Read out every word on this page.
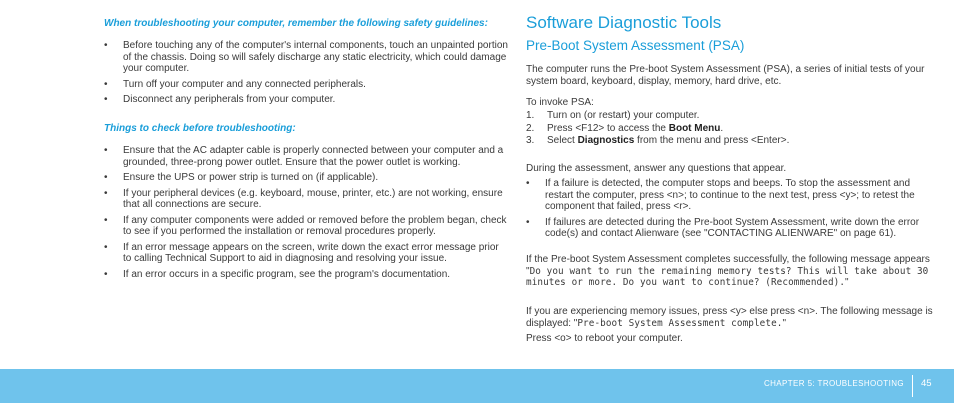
When troubleshooting your computer, remember the following safety guidelines:

• Before touching any of the computer's internal components, touch an unpainted portion of the chassis. Doing so will safely discharge any static electricity, which could damage your computer.
• Turn off your computer and any connected peripherals.
• Disconnect any peripherals from your computer.

Things to check before troubleshooting:

• Ensure that the AC adapter cable is properly connected between your computer and a grounded, three-prong power outlet. Ensure that the power outlet is working.
• Ensure the UPS or power strip is turned on (if applicable).
• If your peripheral devices (e.g. keyboard, mouse, printer, etc.) are not working, ensure that all connections are secure.
• If any computer components were added or removed before the problem began, check to see if you performed the installation or removal procedures properly.
• If an error message appears on the screen, write down the exact error message prior to calling Technical Support to aid in diagnosing and resolving your issue.
• If an error occurs in a specific program, see the program's documentation.
Software Diagnostic Tools
Pre-Boot System Assessment (PSA)

The computer runs the Pre-boot System Assessment (PSA), a series of initial tests of your system board, keyboard, display, memory, hard drive, etc.

To invoke PSA:

1. Turn on (or restart) your computer.
2. Press <F12> to access the Boot Menu.
3. Select Diagnostics from the menu and press <Enter>.

During the assessment, answer any questions that appear.

• If a failure is detected, the computer stops and beeps. To stop the assessment and restart the computer, press <n>; to continue to the next test, press <y>; to retest the component that failed, press <r>.
• If failures are detected during the Pre-boot System Assessment, write down the error code(s) and contact Alienware (see "CONTACTING ALIENWARE" on page 61).

If the Pre-boot System Assessment completes successfully, the following message appears "Do you want to run the remaining memory tests? This will take about 30 minutes or more. Do you want to continue? (Recommended)."

If you are experiencing memory issues, press <y> else press <n>. The following message is displayed: "Pre-boot System Assessment complete."

Press <o> to reboot your computer.

CHAPTER 5: TROUBLESHOOTING 45
